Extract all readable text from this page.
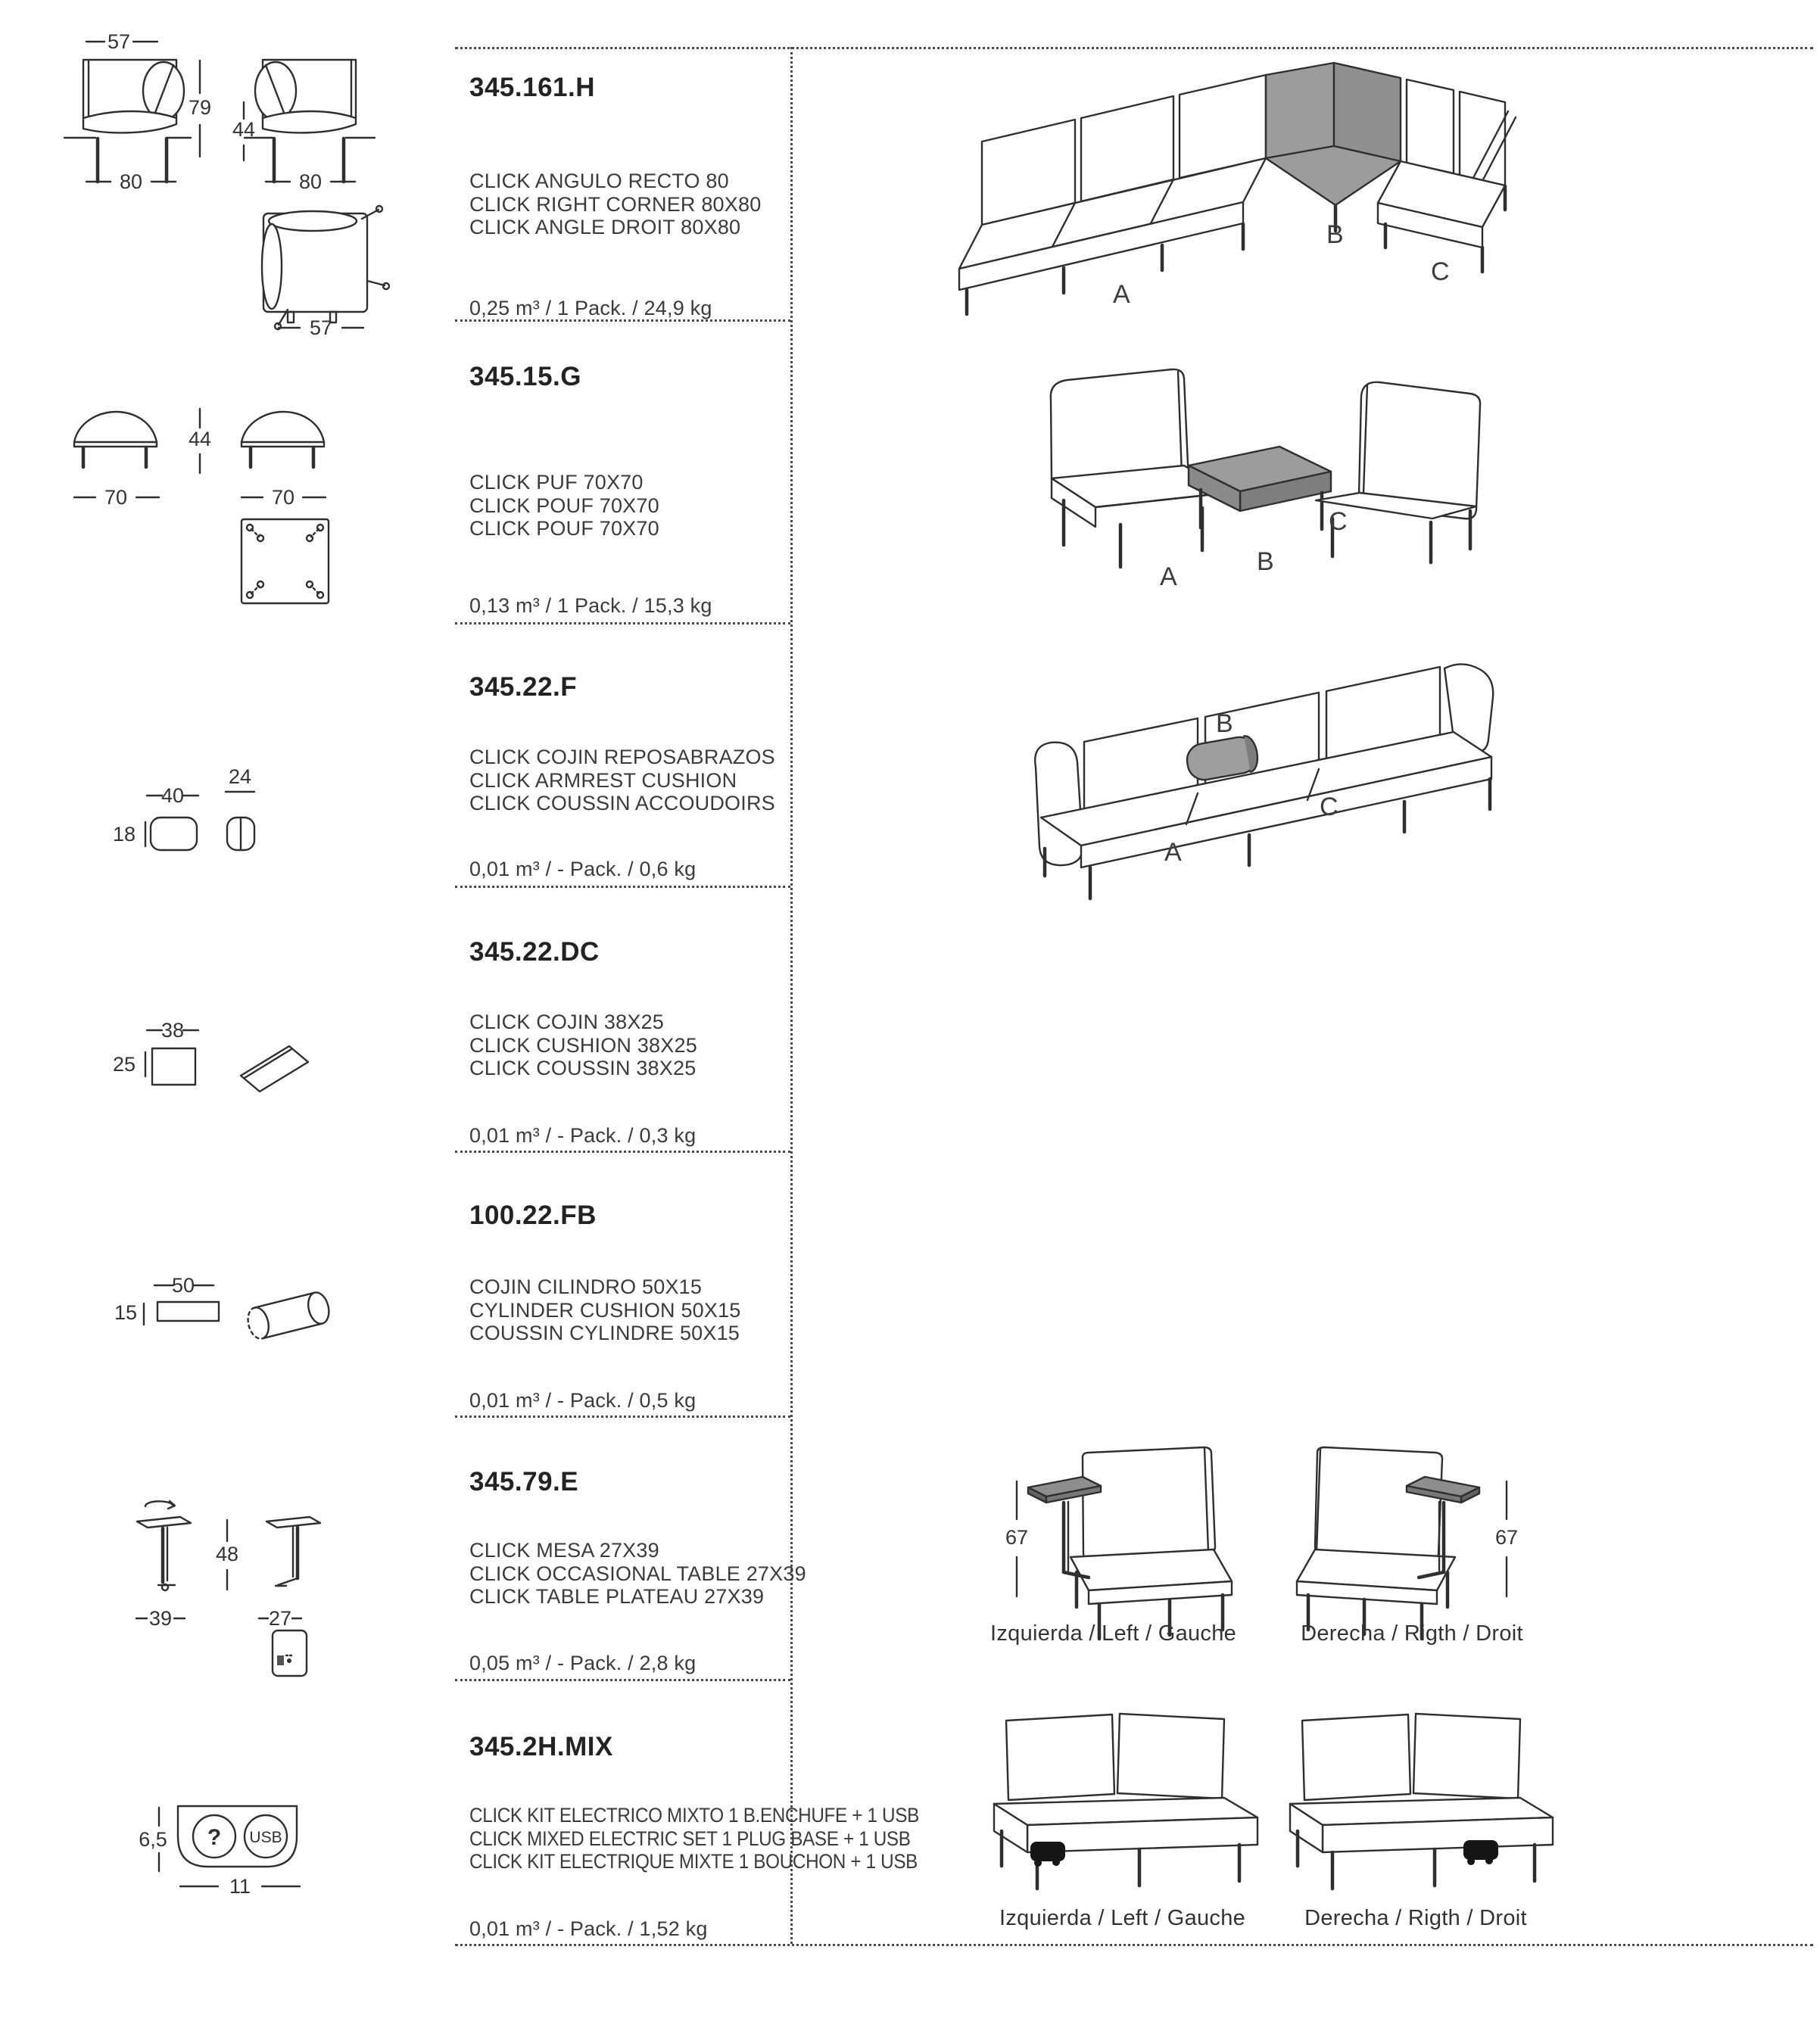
345.161.H
CLICK ANGULO RECTO 80
CLICK RIGHT CORNER 80X80
CLICK ANGLE DROIT 80X80
0,25 m³ / 1 Pack. / 24,9 kg
345.15.G
CLICK PUF 70X70
CLICK POUF 70X70
CLICK POUF 70X70
0,13 m³ / 1 Pack. / 15,3 kg
345.22.F
CLICK COJIN REPOSABRAZOS
CLICK ARMREST CUSHION
CLICK COUSSIN ACCOUDOIRS
0,01 m³ / - Pack. / 0,6 kg
345.22.DC
CLICK COJIN 38X25
CLICK CUSHION 38X25
CLICK COUSSIN 38X25
0,01 m³ / - Pack. / 0,3 kg
100.22.FB
COJIN CILINDRO 50X15
CYLINDER CUSHION 50X15
COUSSIN CYLINDRE 50X15
0,01 m³ / - Pack. / 0,5 kg
345.79.E
CLICK MESA 27X39
CLICK OCCASIONAL TABLE 27X39
CLICK TABLE PLATEAU 27X39
0,05 m³ / - Pack. / 2,8 kg
345.2H.MIX
CLICK KIT ELECTRICO MIXTO 1 B.ENCHUFE + 1 USB
CLICK MIXED ELECTRIC SET 1 PLUG BASE + 1 USB
CLICK KIT ELECTRIQUE MIXTE 1 BOUCHON + 1 USB
0,01 m³ / - Pack. / 1,52 kg
57
79
44
80	80
57
44
70	70
24
40
18
38
25
50
15
48
39	27
? USB
6,5
11
A
B
C
A
B
C
B
A
C
67	67
Izquierda / Left / Gauche	Derecha / Rigth / Droit
Izquierda / Left / Gauche	Derecha / Rigth / Droit
